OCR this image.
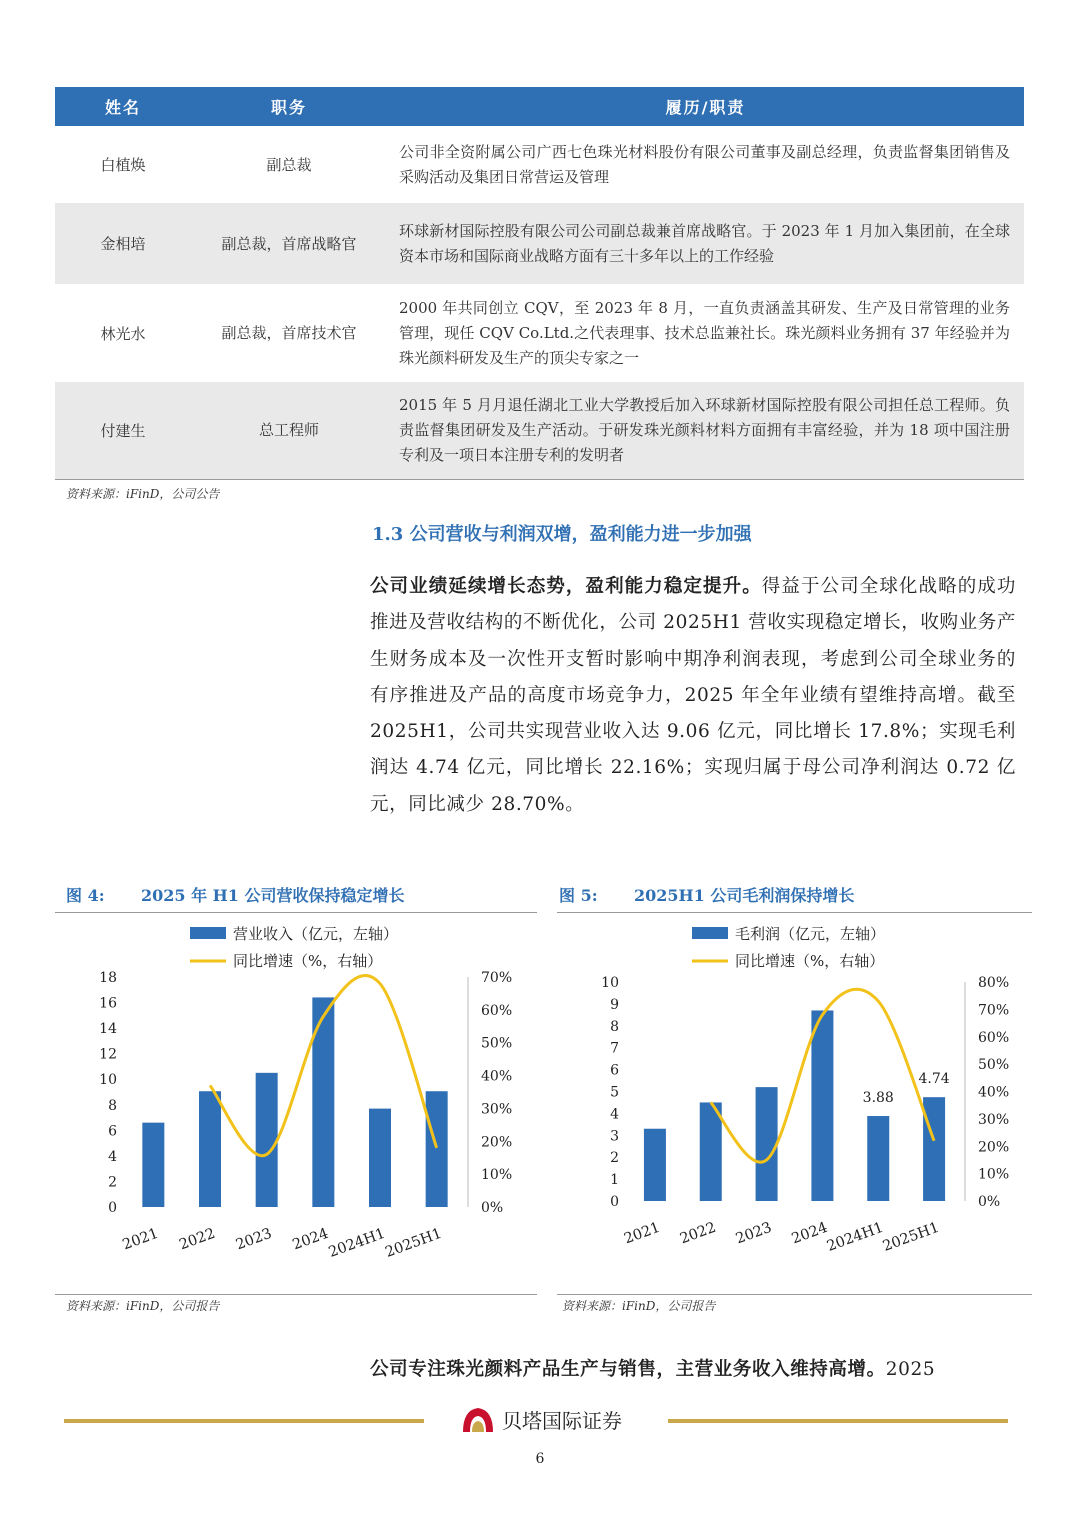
姓名	职务	履历/职责
白植焕	副总裁	公司非全资附属公司广西七色珠光材料股份有限公司董事及副总经理，负责监督集团销售及采购活动及集团日常营运及管理
金相培	副总裁，首席战略官	环球新材国际控股有限公司公司副总裁兼首席战略官。于 2023 年 1 月加入集团前，在全球资本市场和国际商业战略方面有三十多年以上的工作经验
林光水	副总裁，首席技术官	2000 年共同创立 CQV，至 2023 年 8 月，一直负责涵盖其研发、生产及日常管理的业务管理，现任 CQV Co.Ltd.之代表理事、技术总监兼社长。珠光颜料业务拥有 37 年经验并为珠光颜料研发及生产的顶尖专家之一
付建生	总工程师	2015 年 5 月月退任湖北工业大学教授后加入环球新材国际控股有限公司担任总工程师。负责监督集团研发及生产活动。于研发珠光颜料材料方面拥有丰富经验，并为 18 项中国注册专利及一项日本注册专利的发明者
资料来源：iFinD，公司公告
1.3 公司营收与利润双增，盈利能力进一步加强

公司业绩延续增长态势，盈利能力稳定提升。得益于公司全球化战略的成功推进及营收结构的不断优化，公司 2025H1 营收实现稳定增长，收购业务产生财务成本及一次性开支暂时影响中期净利润表现，考虑到公司全球业务的有序推进及产品的高度市场竞争力，2025 年全年业绩有望维持高增。截至 2025H1，公司共实现营业收入达 9.06 亿元，同比增长 17.8%；实现毛利润达 4.74 亿元，同比增长 22.16%；实现归属于母公司净利润达 0.72 亿元，同比减少 28.70%。

图 4: 2025 年 H1 公司营收保持稳定增长
营业收入（亿元，左轴）
同比增速（%，右轴）
0
2
4
6
8
10
12
14
16
18
0%
10%
20%
30%
40%
50%
60%
70%
2021 2022 2023 2024
2024H1
2025H1
资料来源：iFinD，公司报告
图 5: 2025H1 公司毛利润保持增长
毛利润（亿元，左轴）
同比增速（%，右轴）
0
1
2
3
4
5
6
7
8
9
10
0%
10%
20%
30%
40%
50%
60%
70%
80%
3.88
4.74
2021 2022 2023 2024
2024H1
2025H1
资料来源：iFinD，公司报告

公司专注珠光颜料产品生产与销售，主营业务收入维持高增。2025

贝塔国际证券
6
